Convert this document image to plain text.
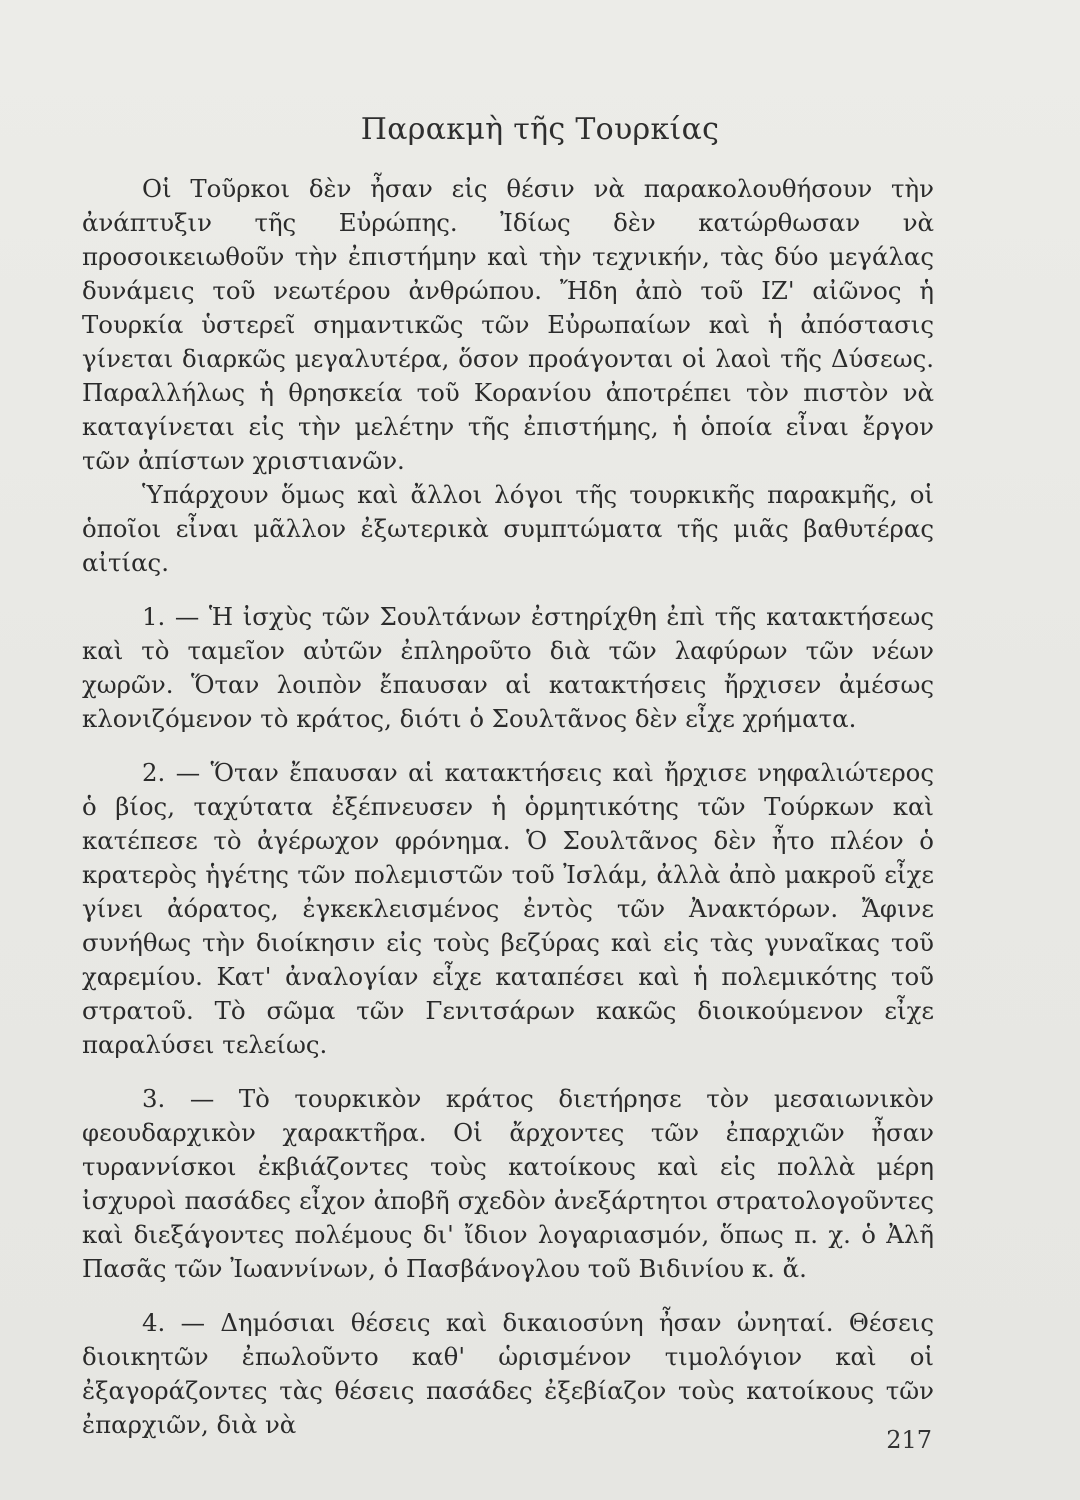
Παρακμὴ τῆς Τουρκίας

Οἱ Τοῦρκοι δὲν ἦσαν εἰς θέσιν νὰ παρακολουθήσουν τὴν ἀνάπτυξιν τῆς Εὐρώπης. Ἰδίως δὲν κατώρθωσαν νὰ προσοικειωθοῦν τὴν ἐπιστήμην καὶ τὴν τεχνικήν, τὰς δύο μεγάλας δυνάμεις τοῦ νεωτέρου ἀνθρώπου. Ἤδη ἀπὸ τοῦ ΙΖ' αἰῶνος ἡ Τουρκία ὑστερεῖ σημαντικῶς τῶν Εὐρωπαίων καὶ ἡ ἀπόστασις γίνεται διαρκῶς μεγαλυτέρα, ὅσον προάγονται οἱ λαοὶ τῆς Δύσεως. Παραλλήλως ἡ θρησκεία τοῦ Κορανίου ἀποτρέπει τὸν πιστὸν νὰ καταγίνεται εἰς τὴν μελέτην τῆς ἐπιστήμης, ἡ ὁποία εἶναι ἔργον τῶν ἀπίστων χριστιανῶν.

Ὑπάρχουν ὅμως καὶ ἄλλοι λόγοι τῆς τουρκικῆς παρακμῆς, οἱ ὁποῖοι εἶναι μᾶλλον ἐξωτερικὰ συμπτώματα τῆς μιᾶς βαθυτέρας αἰτίας.

1. — Ἡ ἰσχὺς τῶν Σουλτάνων ἐστηρίχθη ἐπὶ τῆς κατακτήσεως καὶ τὸ ταμεῖον αὐτῶν ἐπληροῦτο διὰ τῶν λαφύρων τῶν νέων χωρῶν. Ὅταν λοιπὸν ἔπαυσαν αἱ κατακτήσεις ἤρχισεν ἀμέσως κλονιζόμενον τὸ κράτος, διότι ὁ Σουλτᾶνος δὲν εἶχε χρήματα.

2. — Ὅταν ἔπαυσαν αἱ κατακτήσεις καὶ ἤρχισε νηφαλιώτερος ὁ βίος, ταχύτατα ἐξέπνευσεν ἡ ὁρμητικότης τῶν Τούρκων καὶ κατέπεσε τὸ ἀγέρωχον φρόνημα. Ὁ Σουλτᾶνος δὲν ἦτο πλέον ὁ κρατερὸς ἡγέτης τῶν πολεμιστῶν τοῦ Ἰσλάμ, ἀλλὰ ἀπὸ μακροῦ εἶχε γίνει ἀόρατος, ἐγκεκλεισμένος ἐντὸς τῶν Ἀνακτόρων. Ἄφινε συνήθως τὴν διοίκησιν εἰς τοὺς βεζύρας καὶ εἰς τὰς γυναῖκας τοῦ χαρεμίου. Κατ' ἀναλογίαν εἶχε καταπέσει καὶ ἡ πολεμικότης τοῦ στρατοῦ. Τὸ σῶμα τῶν Γενιτσάρων κακῶς διοικούμενον εἶχε παραλύσει τελείως.

3. — Τὸ τουρκικὸν κράτος διετήρησε τὸν μεσαιωνικὸν φεουδαρχικὸν χαρακτῆρα. Οἱ ἄρχοντες τῶν ἐπαρχιῶν ἦσαν τυραννίσκοι ἐκβιάζοντες τοὺς κατοίκους καὶ εἰς πολλὰ μέρη ἰσχυροὶ πασάδες εἶχον ἀποβῆ σχεδὸν ἀνεξάρτητοι στρατολογοῦντες καὶ διεξάγοντες πολέμους δι' ἴδιον λογαριασμόν, ὅπως π. χ. ὁ Ἀλῆ Πασᾶς τῶν Ἰωαννίνων, ὁ Πασβάνογλου τοῦ Βιδινίου κ. ἄ.

4. — Δημόσιαι θέσεις καὶ δικαιοσύνη ἦσαν ὠνηταί. Θέσεις διοικητῶν ἐπωλοῦντο καθ' ὡρισμένον τιμολόγιον καὶ οἱ ἐξαγοράζοντες τὰς θέσεις πασάδες ἐξεβίαζον τοὺς κατοίκους τῶν ἐπαρχιῶν, διὰ νὰ

217
